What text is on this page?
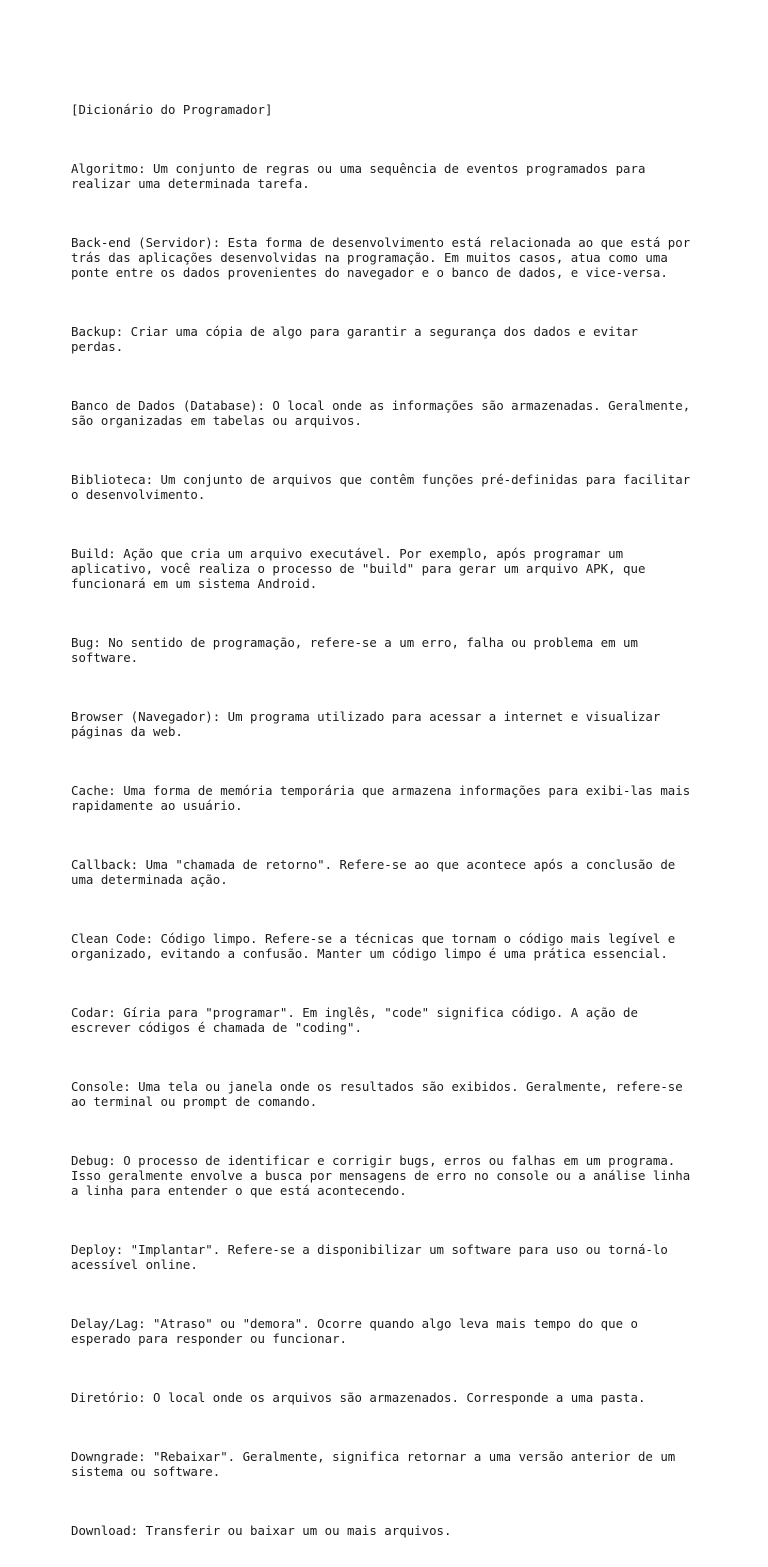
[Dicionário do Programador]

Algoritmo: Um conjunto de regras ou uma sequência de eventos programados para
realizar uma determinada tarefa.

Back-end (Servidor): Esta forma de desenvolvimento está relacionada ao que está por
trás das aplicações desenvolvidas na programação. Em muitos casos, atua como uma
ponte entre os dados provenientes do navegador e o banco de dados, e vice-versa.

Backup: Criar uma cópia de algo para garantir a segurança dos dados e evitar
perdas.

Banco de Dados (Database): O local onde as informações são armazenadas. Geralmente,
são organizadas em tabelas ou arquivos.

Biblioteca: Um conjunto de arquivos que contêm funções pré-definidas para facilitar
o desenvolvimento.

Build: Ação que cria um arquivo executável. Por exemplo, após programar um
aplicativo, você realiza o processo de "build" para gerar um arquivo APK, que
funcionará em um sistema Android.

Bug: No sentido de programação, refere-se a um erro, falha ou problema em um
software.

Browser (Navegador): Um programa utilizado para acessar a internet e visualizar
páginas da web.

Cache: Uma forma de memória temporária que armazena informações para exibi-las mais
rapidamente ao usuário.

Callback: Uma "chamada de retorno". Refere-se ao que acontece após a conclusão de
uma determinada ação.

Clean Code: Código limpo. Refere-se a técnicas que tornam o código mais legível e
organizado, evitando a confusão. Manter um código limpo é uma prática essencial.

Codar: Gíria para "programar". Em inglês, "code" significa código. A ação de
escrever códigos é chamada de "coding".

Console: Uma tela ou janela onde os resultados são exibidos. Geralmente, refere-se
ao terminal ou prompt de comando.

Debug: O processo de identificar e corrigir bugs, erros ou falhas em um programa.
Isso geralmente envolve a busca por mensagens de erro no console ou a análise linha
a linha para entender o que está acontecendo.

Deploy: "Implantar". Refere-se a disponibilizar um software para uso ou torná-lo
acessível online.

Delay/Lag: "Atraso" ou "demora". Ocorre quando algo leva mais tempo do que o
esperado para responder ou funcionar.

Diretório: O local onde os arquivos são armazenados. Corresponde a uma pasta.

Downgrade: "Rebaixar". Geralmente, significa retornar a uma versão anterior de um
sistema ou software.

Download: Transferir ou baixar um ou mais arquivos.
